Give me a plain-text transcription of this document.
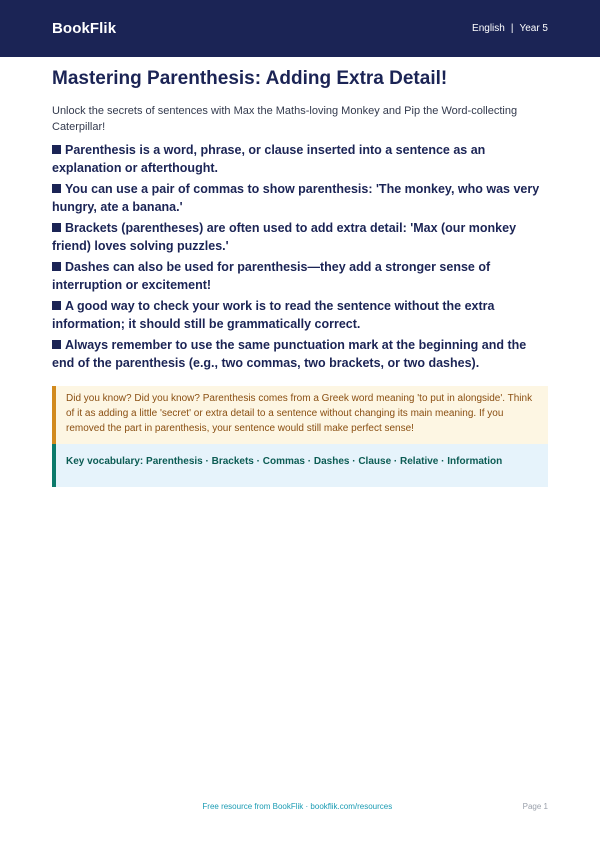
BookFlik	English | Year 5
Mastering Parenthesis: Adding Extra Detail!

Unlock the secrets of sentences with Max the Maths-loving Monkey and Pip the Word-collecting Caterpillar!

Parenthesis is a word, phrase, or clause inserted into a sentence as an explanation or afterthought.
You can use a pair of commas to show parenthesis: 'The monkey, who was very hungry, ate a banana.'
Brackets (parentheses) are often used to add extra detail: 'Max (our monkey friend) loves solving puzzles.'
Dashes can also be used for parenthesis—they add a stronger sense of interruption or excitement!
A good way to check your work is to read the sentence without the extra information; it should still be grammatically correct.
Always remember to use the same punctuation mark at the beginning and the end of the parenthesis (e.g., two commas, two brackets, or two dashes).
Did you know? Did you know? Parenthesis comes from a Greek word meaning 'to put in alongside'. Think of it as adding a little 'secret' or extra detail to a sentence without changing its main meaning. If you removed the part in parenthesis, your sentence would still make perfect sense!
Key vocabulary: Parenthesis · Brackets · Commas · Dashes · Clause · Relative · Information
Free resource from BookFlik · bookflik.com/resources	Page 1
